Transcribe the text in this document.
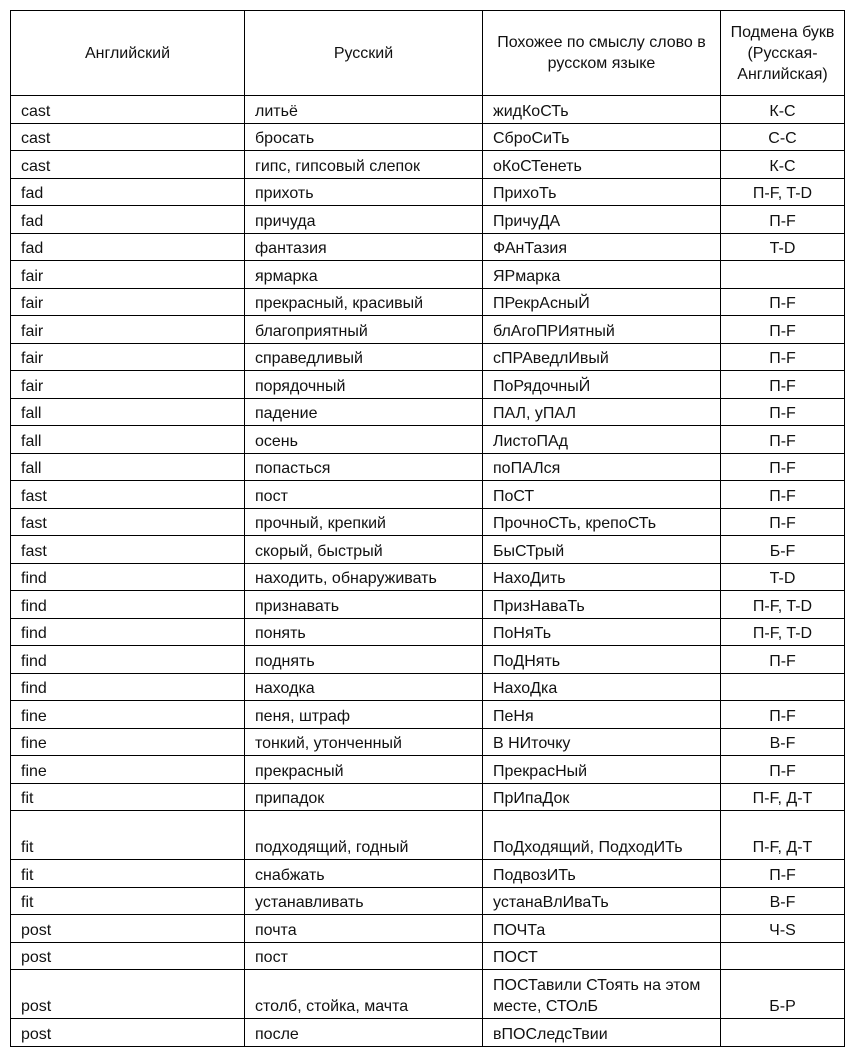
Английский	Русский	Похожее по смыслу слово в русском языке	Подмена букв (Русская-Английская)
cast	литьё	жидКоСТь	К-С
cast	бросать	СброСиТь	С-С
cast	гипс, гипсовый слепок	оКоСТенеть	К-С
fad	прихоть	ПрихоТь	П-F, T-D
fad	причуда	ПричуДА	П-F
fad	фантазия	ФАнТазия	T-D
fair	ярмарка	ЯРмарка	
fair	прекрасный, красивый	ПРекрАсныЙ	П-F
fair	благоприятный	блАгоПРИятный	П-F
fair	справедливый	сПРАведлИвый	П-F
fair	порядочный	ПоРядочныЙ	П-F
fall	падение	ПАЛ, уПАЛ	П-F
fall	осень	ЛистоПАд	П-F
fall	попасться	поПАЛся	П-F
fast	пост	ПоСТ	П-F
fast	прочный, крепкий	ПрочноСТь, крепоСТь	П-F
fast	скорый, быстрый	БыСТрый	Б-F
find	находить, обнаруживать	НахоДить	T-D
find	признавать	ПризНаваТь	П-F, T-D
find	понять	ПоНяТь	П-F, T-D
find	поднять	ПоДНять	П-F
find	находка	НахоДка	
fine	пеня, штраф	ПеНя	П-F
fine	тонкий, утонченный	В НИточку	В-F
fine	прекрасный	ПрекрасНый	П-F
fit	припадок	ПрИпаДок	П-F, Д-T
fit	подходящий, годный	ПоДходящий, ПодходИТь	П-F, Д-T
fit	снабжать	ПодвозИТь	П-F
fit	устанавливать	устанаВлИваТь	В-F
post	почта	ПОЧТа	Ч-S
post	пост	ПОСТ	
post	столб, стойка, мачта	ПОСТавили СТоять на этом месте, СТОлБ	Б-Р
post	после	вПОСледсТвии	
